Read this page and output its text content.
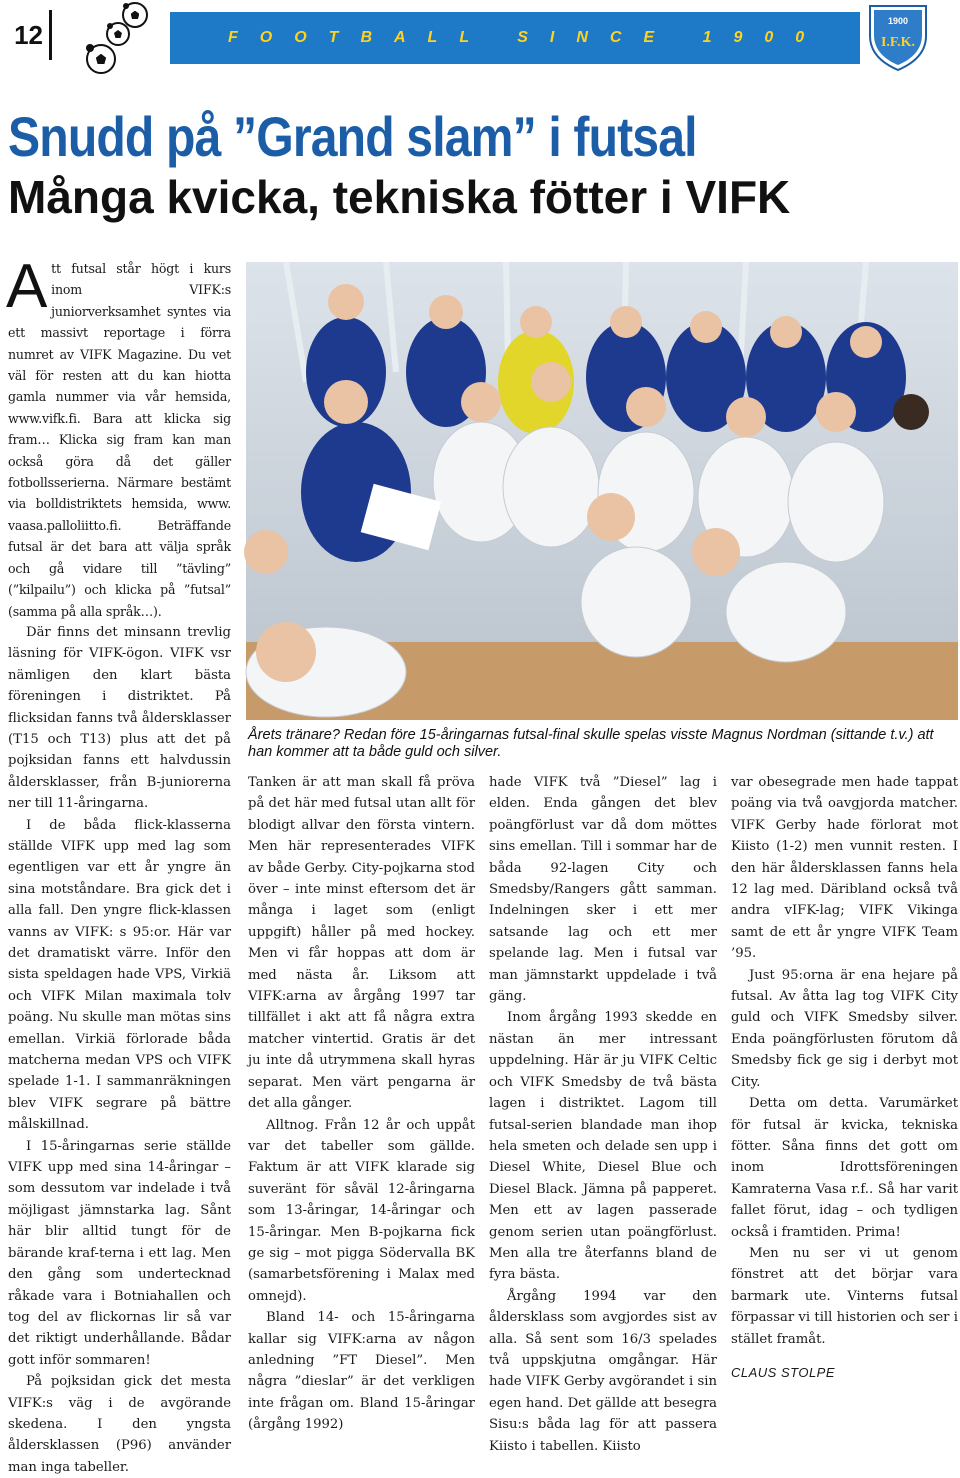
12	FOOTBALL SINCE 1900
1900
I.F.K.
Snudd på ”Grand slam” i futsal
Många kvicka, tekniska fötter i VIFK

Att futsal står högt i kurs inom VIFK:s juniorverksamhet syntes via ett massivt reportage i förra numret av VIFK Magazine. Du vet väl för resten att du kan hiotta gamla nummer via vår hemsida, www.vifk.fi. Bara att klicka sig fram… Klicka sig fram kan man också göra då det gäller fotbollsserierna. Närmare bestämt via bolldistriktets hemsida, www. vaasa.palloliitto.fi. Beträffande futsal är det bara att välja språk och gå vidare till ”tävling” (”kilpailu”) och klicka på ”futsal” (samma på alla språk…).

Där finns det minsann trevlig läsning för VIFK-ögon. VIFK vsr nämligen den klart bästa föreningen i distriktet. På flicksidan fanns två åldersklasser (T15 och T13) plus att det på pojksidan fanns ett halvdussin åldersklasser, från B-juniorerna ner till 11-åringarna.

I de båda flick-klasserna ställde VIFK upp med lag som egentligen var ett år yngre än sina motståndare. Bra gick det i alla fall. Den yngre flick-klassen vanns av VIFK: s 95:or. Här var det dramatiskt värre. Inför den sista speldagen hade VPS, Virkiä och VIFK Milan maximala tolv poäng. Nu skulle man mötas sins emellan. Virkiä förlorade båda matcherna medan VPS och VIFK spelade 1-1. I sammanräkningen blev VIFK segrare på bättre målskillnad.

I 15-åringarnas serie ställde VIFK upp med sina 14-åringar – som dessutom var indelade i två möjligast jämnstarka lag. Sånt här blir alltid tungt för de bärande kraf-terna i ett lag. Men den gång som undertecknad råkade vara i Botniahallen och tog del av flickornas lir så var det riktigt underhållande. Bådar gott inför sommaren!

På pojksidan gick det mesta VIFK:s väg i de avgörande skedena. I den yngsta åldersklassen (P96) använder man inga tabeller.

Årets tränare? Redan före 15-åringarnas futsal-final skulle spelas visste Magnus Nordman (sittande t.v.) att han kommer att ta både guld och silver.

Tanken är att man skall få pröva på det här med futsal utan allt för blodigt allvar den första vintern. Men här representerades VIFK av både Gerby. City-pojkarna stod över – inte minst eftersom det är många i laget som (enligt uppgift) håller på med hockey. Men vi får hoppas att dom är med nästa år. Liksom att VIFK:arna av årgång 1997 tar tillfället i akt att få några extra matcher vintertid. Gratis är det ju inte då utrymmena skall hyras separat. Men värt pengarna är det alla gånger.

Alltnog. Från 12 år och uppåt var det tabeller som gällde. Faktum är att VIFK klarade sig suveränt för såväl 12-åringarna som 13-åringar, 14-åringar och 15-åringar. Men B-pojkarna fick ge sig – mot pigga Södervalla BK (samarbetsförening i Malax med omnejd).

Bland 14- och 15-åringarna kallar sig VIFK:arna av någon anledning ”FT Diesel”. Men några ”dieslar” är det verkligen inte frågan om. Bland 15-åringar (årgång 1992)

hade VIFK två ”Diesel” lag i elden. Enda gången det blev poängförlust var då dom möttes sins emellan. Till i sommar har de båda 92-lagen City och Smedsby/Rangers gått samman. Indelningen sker i ett mer satsande lag och ett mer spelande lag. Men i futsal var man jämnstarkt uppdelade i två gäng.

Inom årgång 1993 skedde en nästan än mer intressant uppdelning. Här är ju VIFK Celtic och VIFK Smedsby de två bästa lagen i distriktet. Lagom till futsal-serien blandade man ihop hela smeten och delade sen upp i Diesel White, Diesel Blue och Diesel Black. Jämna på papperet. Men ett av lagen passerade genom serien utan poängförlust. Men alla tre återfanns bland de fyra bästa.

Årgång 1994 var den åldersklass som avgjordes sist av alla. Så sent som 16/3 spelades två uppskjutna omgångar. Här hade VIFK Gerby avgörandet i sin egen hand. Det gällde att besegra Sisu:s båda lag för att passera Kiisto i tabellen. Kiisto

var obesegrade men hade tappat poäng via två oavgjorda matcher. VIFK Gerby hade förlorat mot Kiisto (1-2) men vunnit resten. I den här åldersklassen fanns hela 12 lag med. Däribland också två andra vIFK-lag; VIFK Vikinga samt de ett år yngre VIFK Team ’95.

Just 95:orna är ena hejare på futsal. Av åtta lag tog VIFK City guld och VIFK Smedsby silver. Enda poängförlusten förutom då Smedsby fick ge sig i derbyt mot City.

Detta om detta. Varumärket för futsal är kvicka, tekniska fötter. Såna finns det gott om inom Idrottsföreningen Kamraterna Vasa r.f.. Så har varit fallet förut, idag – och tydligen också i framtiden. Prima!

Men nu ser vi ut genom fönstret att det börjar vara barmark ute. Vinterns futsal förpassar vi till historien och ser i stället framåt.

CLAUS STOLPE
